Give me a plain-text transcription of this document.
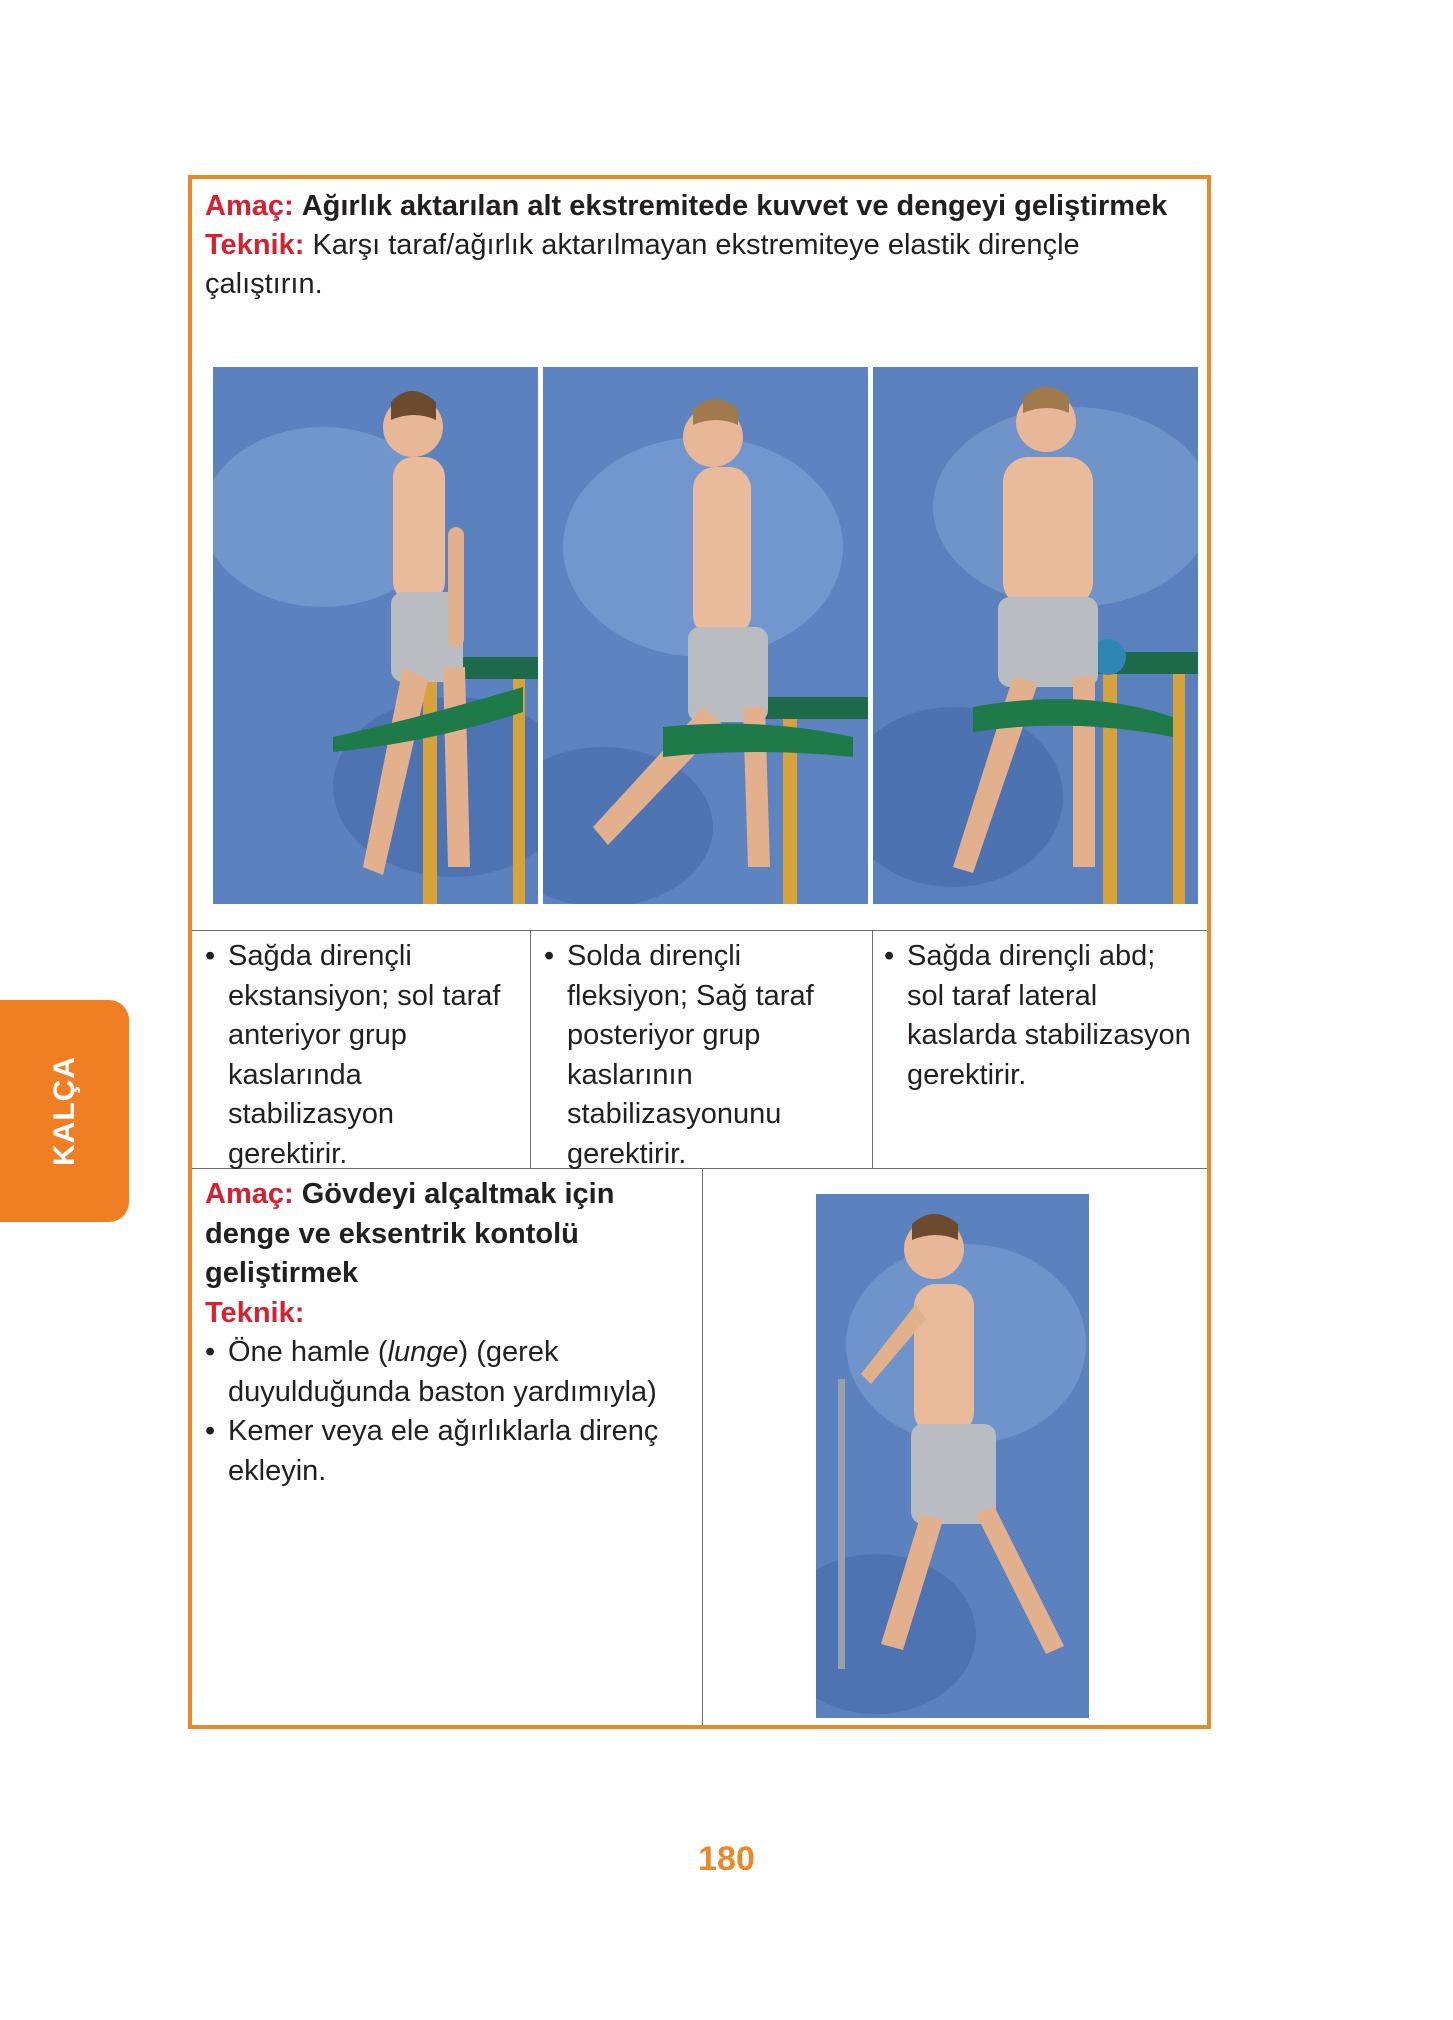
Amaç: Ağırlık aktarılan alt ekstremitede kuvvet ve dengeyi geliştirmek
Teknik: Karşı taraf/ağırlık aktarılmayan ekstremiteye elastik dirençle çalıştırın.
• Sağda dirençli ekstansiyon; sol taraf anteriyor grup kaslarında stabilizasyon gerektirir.
• Solda dirençli fleksiyon; Sağ taraf posteriyor grup kaslarının stabilizasyonunu gerektirir.
• Sağda dirençli abd; sol taraf lateral kaslarda stabilizasyon gerektirir.
Amaç: Gövdeyi alçaltmak için denge ve eksentrik kontolü geliştirmek
Teknik:
• Öne hamle (lunge) (gerek duyulduğunda baston yardımıyla)
• Kemer veya ele ağırlıklarla direnç ekleyin.
KALÇA
180
